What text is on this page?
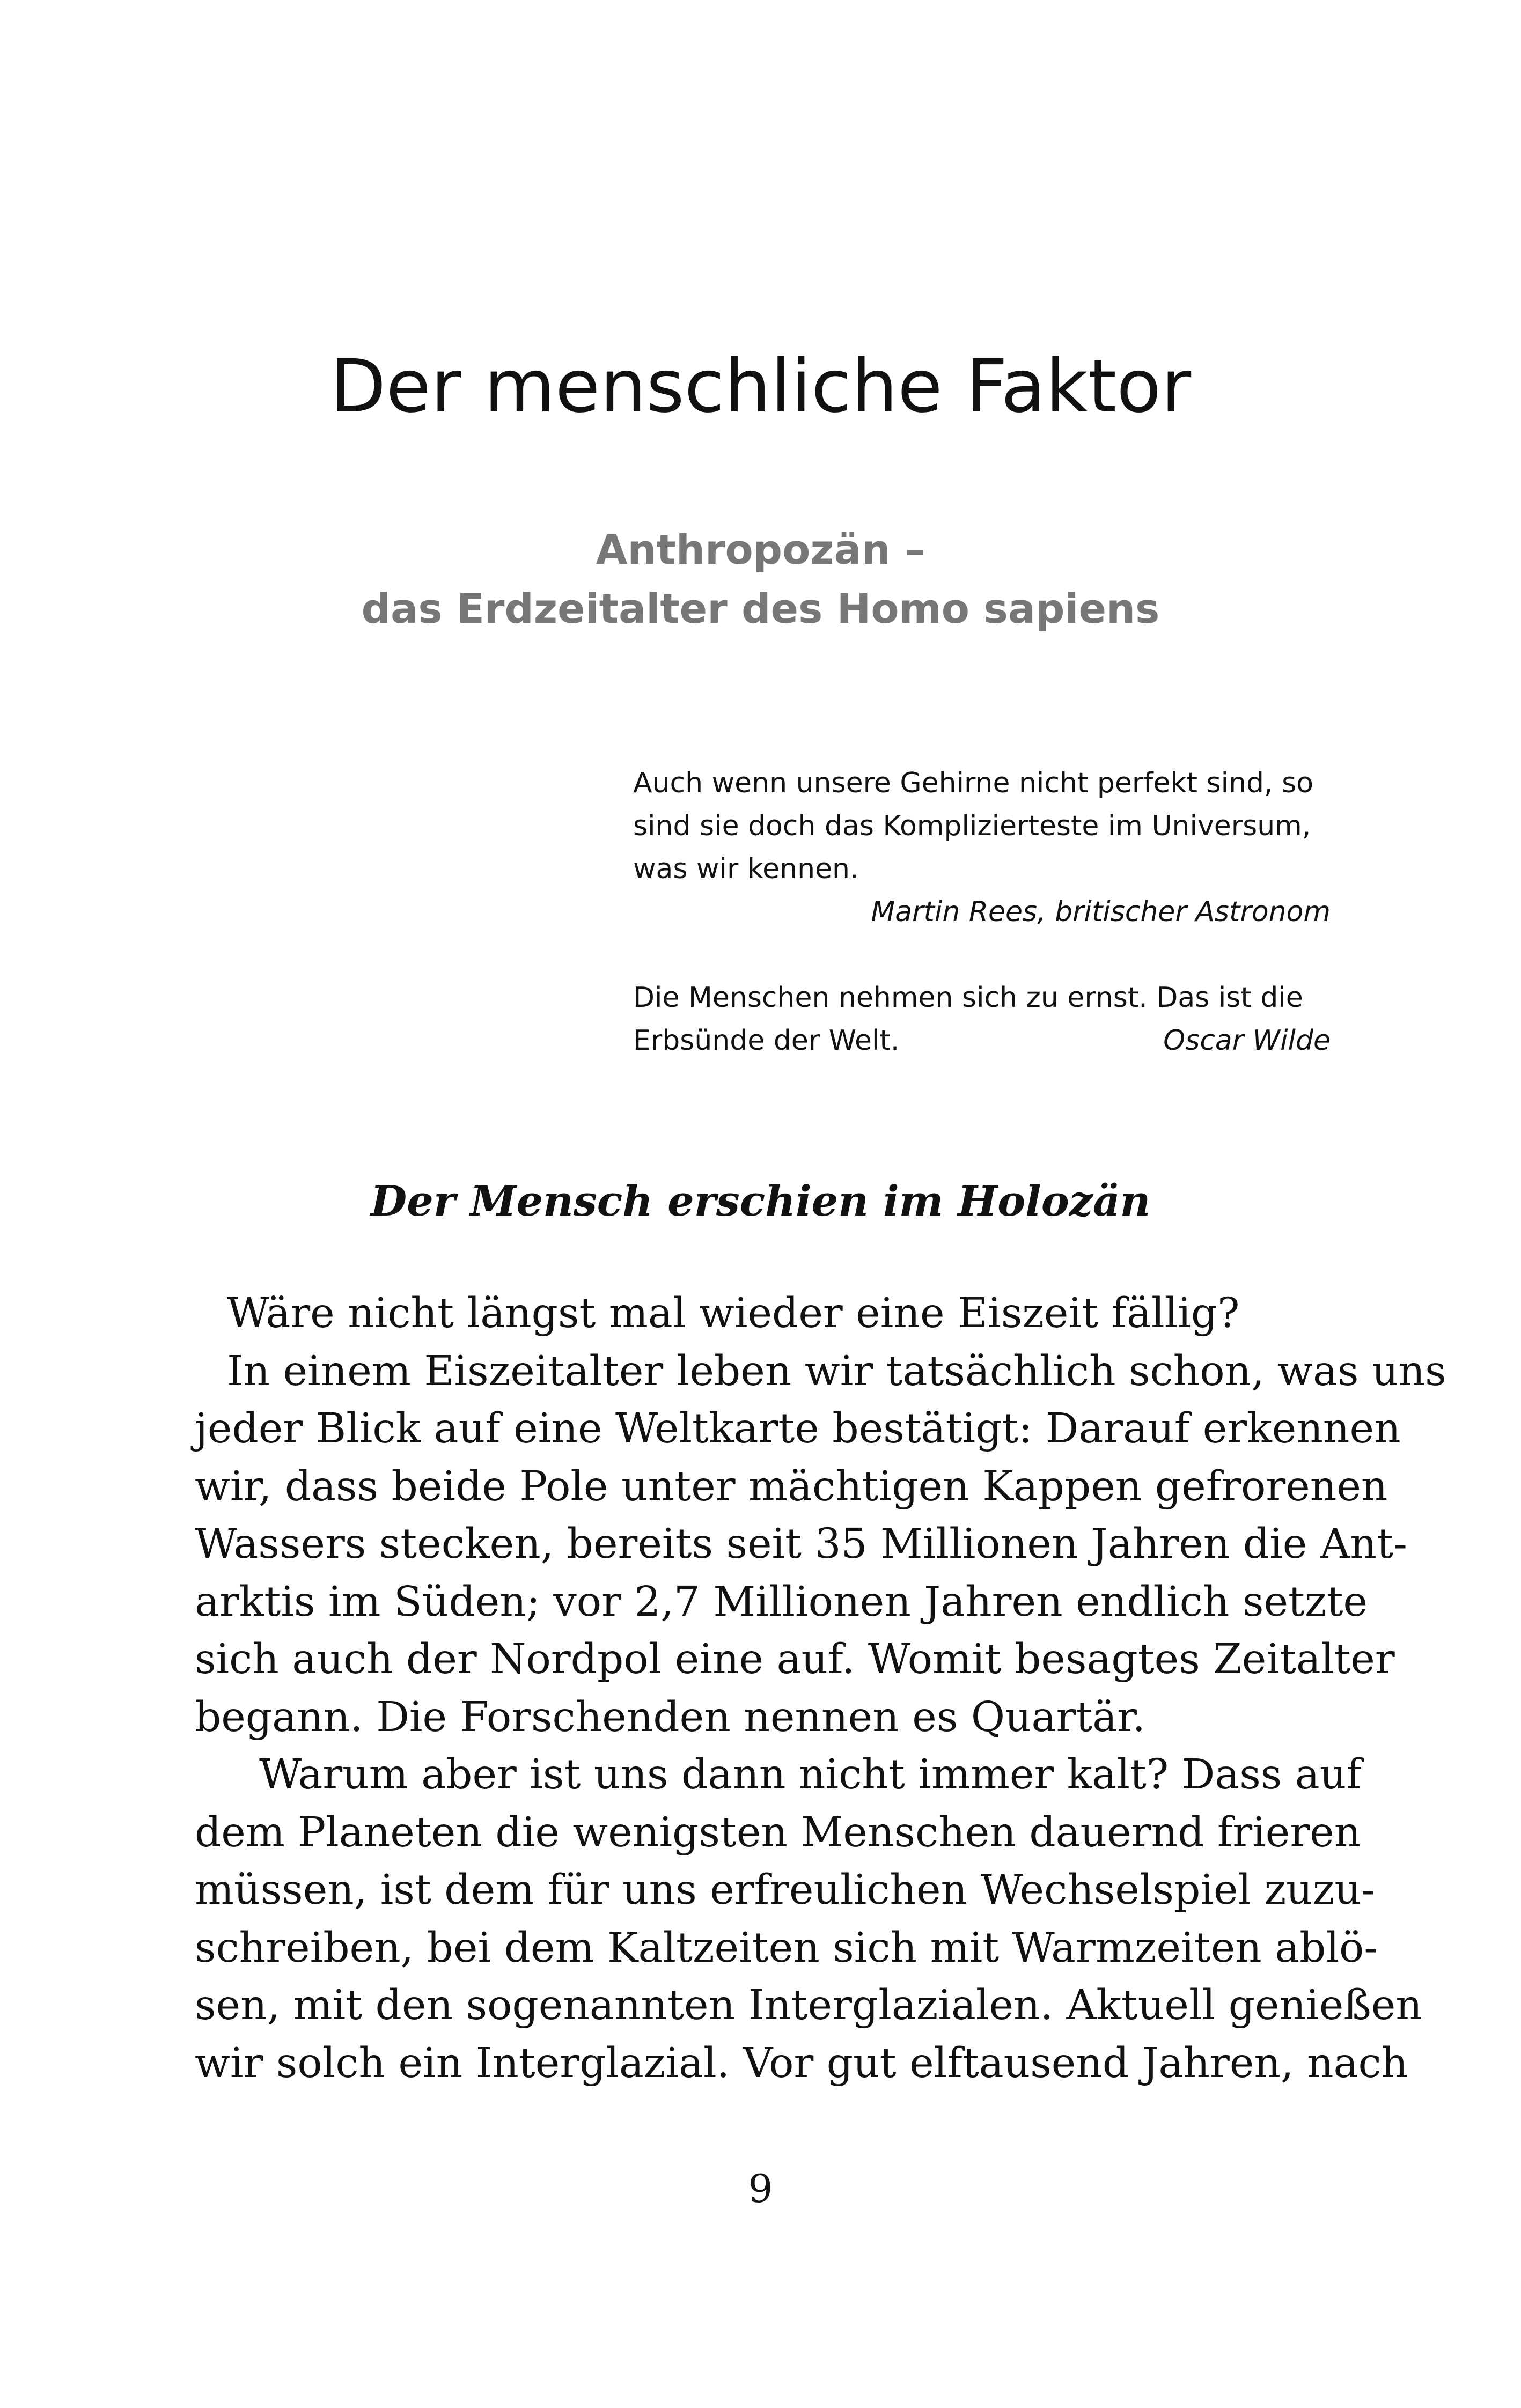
Der menschliche Faktor
Anthropozän –
das Erdzeitalter des Homo sapiens
Auch wenn unsere Gehirne nicht perfekt sind, so
sind sie doch das Komplizierteste im Universum,
was wir kennen.
Martin Rees, britischer Astronom
Die Menschen nehmen sich zu ernst. Das ist die
Erbsünde der Welt.	Oscar Wilde
Der Mensch erschien im Holozän
Wäre nicht längst mal wieder eine Eiszeit fällig?
In einem Eiszeitalter leben wir tatsächlich schon, was uns
jeder Blick auf eine Weltkarte bestätigt: Darauf erkennen
wir, dass beide Pole unter mächtigen Kappen gefrorenen
Wassers stecken, bereits seit 35 Millionen Jahren die Ant-
arktis im Süden; vor 2,7 Millionen Jahren endlich setzte
sich auch der Nordpol eine auf. Womit besagtes Zeitalter
begann. Die Forschenden nennen es Quartär.
Warum aber ist uns dann nicht immer kalt? Dass auf
dem Planeten die wenigsten Menschen dauernd frieren
müssen, ist dem für uns erfreulichen Wechselspiel zuzu-
schreiben, bei dem Kaltzeiten sich mit Warmzeiten ablö-
sen, mit den sogenannten Interglazialen. Aktuell genießen
wir solch ein Interglazial. Vor gut elftausend Jahren, nach
9
